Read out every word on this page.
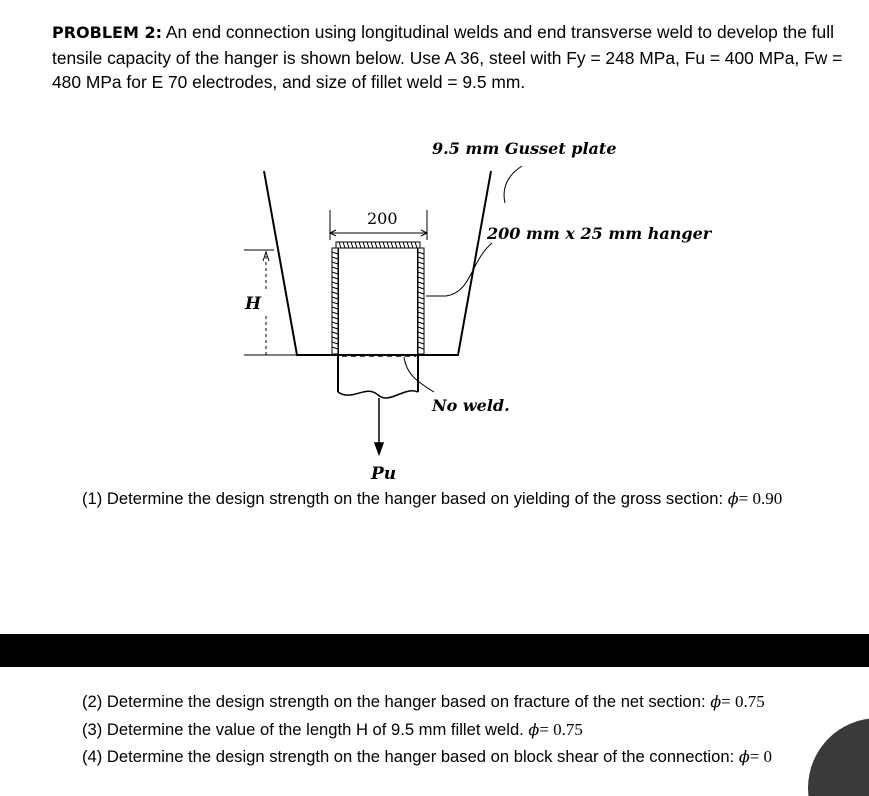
PROBLEM 2: An end connection using longitudinal welds and end transverse weld to develop the full tensile capacity of the hanger is shown below. Use A 36, steel with Fy = 248 MPa, Fu = 400 MPa, Fw = 480 MPa for E 70 electrodes, and size of fillet weld = 9.5 mm.
200
H
9.5 mm Gusset plate
200 mm x 25 mm hanger
No weld.
Pu
(1) Determine the design strength on the hanger based on yielding of the gross section: ϕ= 0.90
(2) Determine the design strength on the hanger based on fracture of the net section: ϕ= 0.75
(3) Determine the value of the length H of 9.5 mm fillet weld. ϕ= 0.75
(4) Determine the design strength on the hanger based on block shear of the connection: ϕ= 0
